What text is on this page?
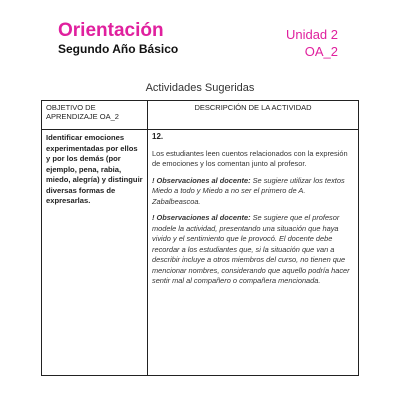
Orientación
Segundo Año Básico
Unidad 2
OA_2
Actividades Sugeridas
OBJETIVO DE APRENDIZAJE OA_2	DESCRIPCIÓN DE LA ACTIVIDAD
Identificar emociones experimentadas por ellos y por los demás (por ejemplo, pena, rabia, miedo, alegría) y distinguir diversas formas de expresarlas.	12.

Los estudiantes leen cuentos relacionados con la expresión de emociones y los comentan junto al profesor.

! Observaciones al docente: Se sugiere utilizar los textos Miedo a todo y Miedo a no ser el primero de A. Zabalbeascoa.

! Observaciones al docente: Se sugiere que el profesor modele la actividad, presentando una situación que haya vivido y el sentimiento que le provocó. El docente debe recordar a los estudiantes que, si la situación que van a describir incluye a otros miembros del curso, no tienen que mencionar nombres, considerando que aquello podría hacer sentir mal al compañero o compañera mencionada.
